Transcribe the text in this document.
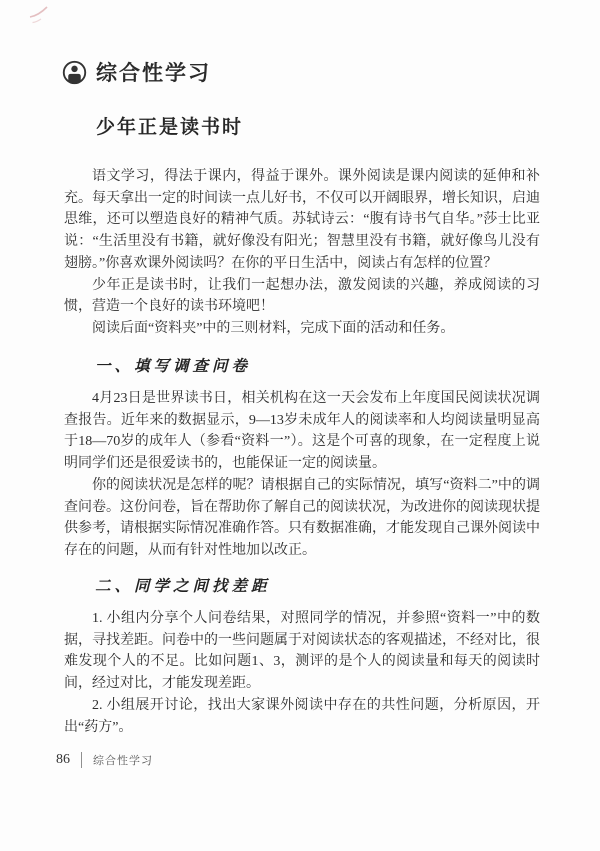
综合性学习
少年正是读书时

语文学习，得法于课内，得益于课外。课外阅读是课内阅读的延伸和补充。每天拿出一定的时间读一点儿好书，不仅可以开阔眼界，增长知识，启迪思维，还可以塑造良好的精神气质。苏轼诗云：“腹有诗书气自华。”莎士比亚说：“生活里没有书籍，就好像没有阳光；智慧里没有书籍，就好像鸟儿没有翅膀。”你喜欢课外阅读吗？在你的平日生活中，阅读占有怎样的位置？

少年正是读书时，让我们一起想办法，激发阅读的兴趣，养成阅读的习惯，营造一个良好的读书环境吧！

阅读后面“资料夹”中的三则材料，完成下面的活动和任务。

一、填写调查问卷

4月23日是世界读书日，相关机构在这一天会发布上年度国民阅读状况调查报告。近年来的数据显示，9—13岁未成年人的阅读率和人均阅读量明显高于18—70岁的成年人（参看“资料一”）。这是个可喜的现象，在一定程度上说明同学们还是很爱读书的，也能保证一定的阅读量。

你的阅读状况是怎样的呢？请根据自己的实际情况，填写“资料二”中的调查问卷。这份问卷，旨在帮助你了解自己的阅读状况，为改进你的阅读现状提供参考，请根据实际情况准确作答。只有数据准确，才能发现自己课外阅读中存在的问题，从而有针对性地加以改正。

二、同学之间找差距

1. 小组内分享个人问卷结果，对照同学的情况，并参照“资料一”中的数据，寻找差距。问卷中的一些问题属于对阅读状态的客观描述，不经对比，很难发现个人的不足。比如问题1、3，测评的是个人的阅读量和每天的阅读时间，经过对比，才能发现差距。

2. 小组展开讨论，找出大家课外阅读中存在的共性问题，分析原因，开出“药方”。

86 综合性学习
